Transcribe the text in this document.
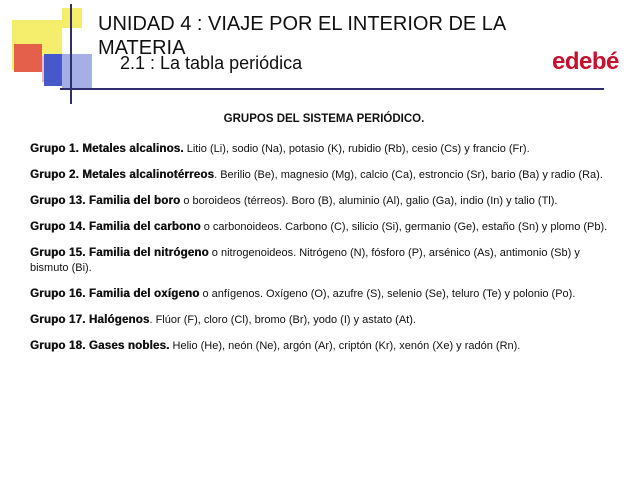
UNIDAD 4 : VIAJE POR EL INTERIOR DE LA
MATERIA
2.1 : La tabla periódica	edebé
GRUPOS DEL SISTEMA PERIÓDICO.

Grupo 1. Metales alcalinos. Litio (Li), sodio (Na), potasio (K), rubidio (Rb), cesio (Cs) y francio (Fr).

Grupo 2. Metales alcalinotérreos. Berilio (Be), magnesio (Mg), calcio (Ca), estroncio (Sr), bario (Ba) y radio (Ra).

Grupo 13. Familia del boro o boroideos (térreos). Boro (B), aluminio (Al), galio (Ga), indio (In) y talio (Tl).

Grupo 14. Familia del carbono o carbonoideos. Carbono (C), silicio (Si), germanio (Ge), estaño (Sn) y plomo (Pb).

Grupo 15. Familia del nitrógeno o nitrogenoideos. Nitrógeno (N), fósforo (P), arsénico (As), antimonio (Sb) y bismuto (Bi).

Grupo 16. Familia del oxígeno o anfígenos. Oxígeno (O), azufre (S), selenio (Se), teluro (Te) y polonio (Po).

Grupo 17. Halógenos. Flúor (F), cloro (Cl), bromo (Br), yodo (I) y astato (At).

Grupo 18. Gases nobles. Helio (He), neón (Ne), argón (Ar), criptón (Kr), xenón (Xe) y radón (Rn).
